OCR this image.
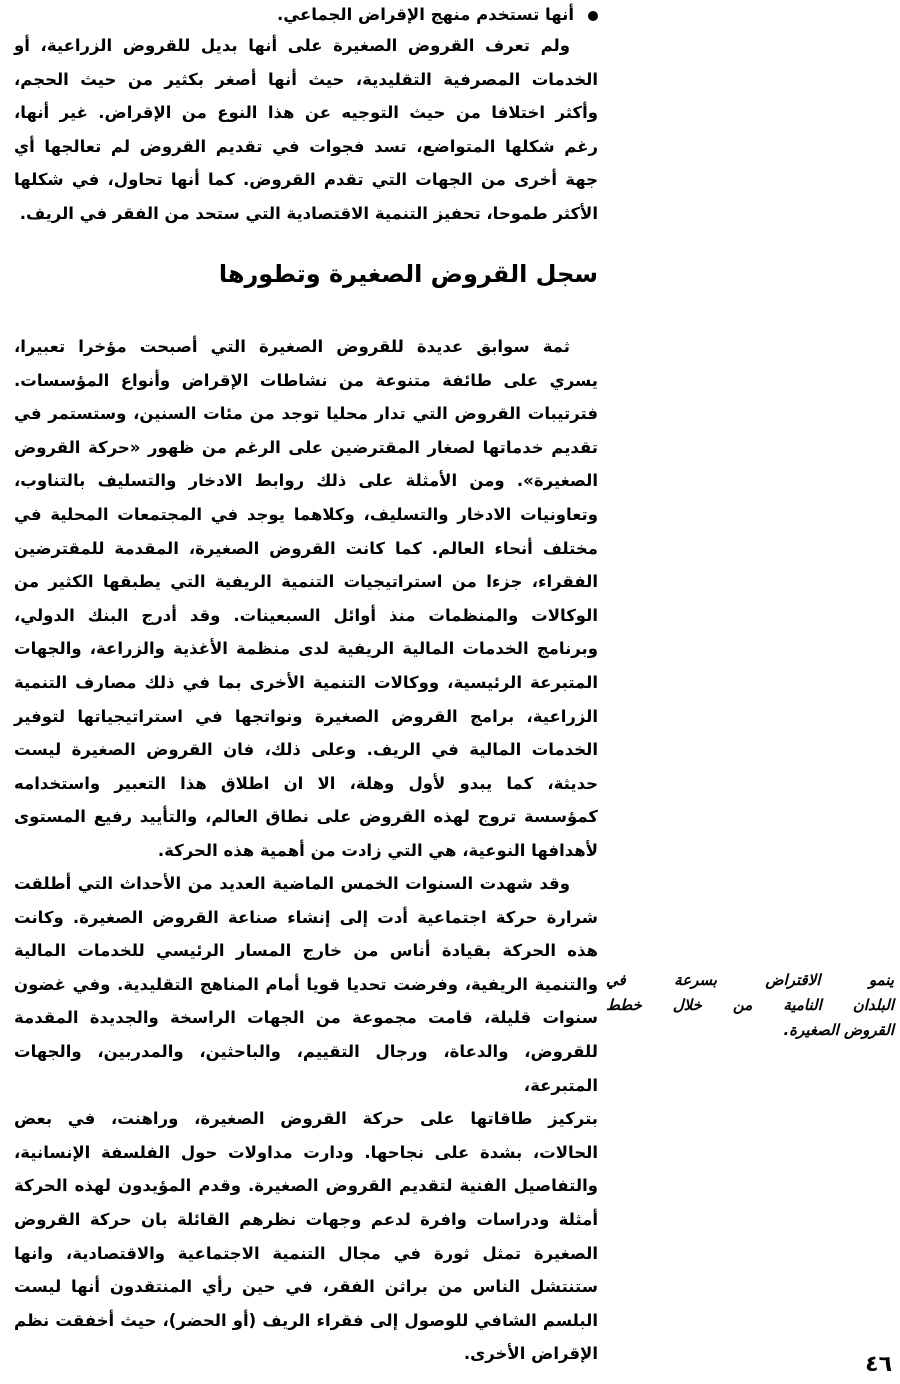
أنها تستخدم منهج الإقراض الجماعي.
ولم تعرف القروض الصغيرة على أنها بديل للقروض الزراعية، أو
الخدمات المصرفية التقليدية، حيث أنها أصغر بكثير من حيث الحجم،
وأكثر اختلافا من حيث التوجيه عن هذا النوع من الإقراض. غير أنها،
رغم شكلها المتواضع، تسد فجوات في تقديم القروض لم تعالجها أي
جهة أخرى من الجهات التي تقدم القروض. كما أنها تحاول، في شكلها
الأكثر طموحا، تحفيز التنمية الاقتصادية التي ستحد من الفقر في الريف.
سجل القروض الصغيرة وتطورها
ثمة سوابق عديدة للقروض الصغيرة التي أصبحت مؤخرا تعبيرا،
يسري على طائفة متنوعة من نشاطات الإقراض وأنواع المؤسسات.
فترتيبات القروض التي تدار محليا توجد من مئات السنين، وستستمر في
تقديم خدماتها لصغار المقترضين على الرغم من ظهور «حركة القروض
الصغيرة». ومن الأمثلة على ذلك روابط الادخار والتسليف بالتناوب،
وتعاونيات الادخار والتسليف، وكلاهما يوجد في المجتمعات المحلية في
مختلف أنحاء العالم. كما كانت القروض الصغيرة، المقدمة للمقترضين
الفقراء، جزءا من استراتيجيات التنمية الريفية التي يطبقها الكثير من
الوكالات والمنظمات منذ أوائل السبعينات. وقد أدرج البنك الدولي،
وبرنامج الخدمات المالية الريفية لدى منظمة الأغذية والزراعة، والجهات
المتبرعة الرئيسية، ووكالات التنمية الأخرى بما في ذلك مصارف التنمية
الزراعية، برامج القروض الصغيرة ونواتجها في استراتيجياتها لتوفير
الخدمات المالية في الريف. وعلى ذلك، فان القروض الصغيرة ليست
حديثة، كما يبدو لأول وهلة، الا ان اطلاق هذا التعبير واستخدامه
كمؤسسة تروج لهذه القروض على نطاق العالم، والتأييد رفيع المستوى
لأهدافها النوعية، هي التي زادت من أهمية هذه الحركة.
وقد شهدت السنوات الخمس الماضية العديد من الأحداث التي أطلقت
شرارة حركة اجتماعية أدت إلى إنشاء صناعة القروض الصغيرة. وكانت
هذه الحركة بقيادة أناس من خارج المسار الرئيسي للخدمات المالية
والتنمية الريفية، وفرضت تحديا قويا أمام المناهج التقليدية. وفي غضون
سنوات قليلة، قامت مجموعة من الجهات الراسخة والجديدة المقدمة
للقروض، والدعاة، ورجال التقييم، والباحثين، والمدربين، والجهات المتبرعة،
بتركيز طاقاتها على حركة القروض الصغيرة، وراهنت، في بعض
الحالات، بشدة على نجاحها. ودارت مداولات حول الفلسفة الإنسانية،
والتفاصيل الفنية لتقديم القروض الصغيرة. وقدم المؤيدون لهذه الحركة
أمثلة ودراسات وافرة لدعم وجهات نظرهم القائلة بان حركة القروض
الصغيرة تمثل ثورة في مجال التنمية الاجتماعية والاقتصادية، وانها
ستنتشل الناس من براثن الفقر، في حين رأي المنتقدون أنها ليست
البلسم الشافي للوصول إلى فقراء الريف (أو الحضر)، حيث أخفقت نظم
الإقراض الأخرى.
ينمو الاقتراض بسرعة في
البلدان النامية من خلال خطط
القروض الصغيرة.
٤٦
